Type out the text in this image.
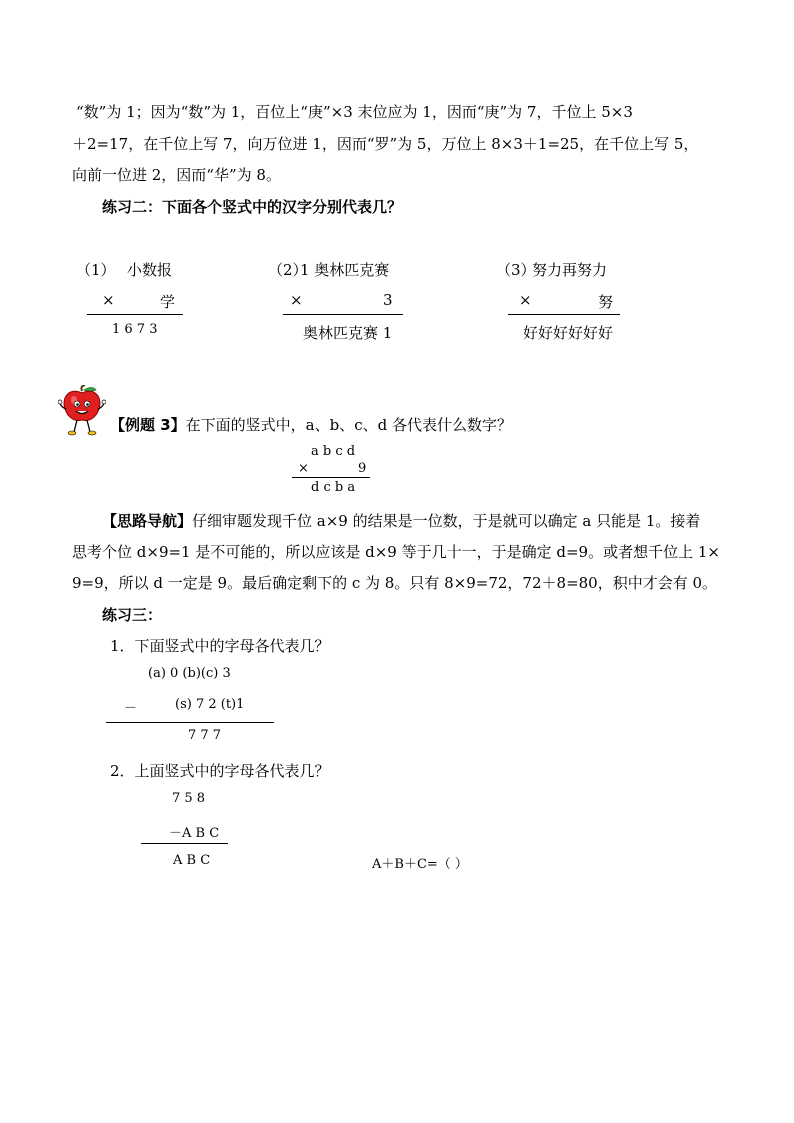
“数”为 1；因为“数”为 1，百位上“庚”×3 末位应为 1，因而“庚”为 7，千位上 5×3
＋2=17，在千位上写 7，向万位进 1，因而“罗”为 5，万位上 8×3＋1=25，在千位上写 5，
向前一位进 2，因而“华”为 8。
练习二：下面各个竖式中的汉字分别代表几？
（1） 小数报
×	学
1 6 7 3
（2）
1 奥林匹克赛
×	3
奥林匹克赛 1
（3）
努力再努力
×	努
好好好好好好
【例题 3】在下面的竖式中，a、b、c、d 各代表什么数字？
a b c d
×	9
d c b a
【思路导航】仔细审题发现千位 a×9 的结果是一位数，于是就可以确定 a 只能是 1。接着
思考个位 d×9=1 是不可能的，所以应该是 d×9 等于几十一，于是确定 d=9。或者想千位上 1×
9=9，所以 d 一定是 9。最后确定剩下的 c 为 8。只有 8×9=72，72＋8=80，积中才会有 0。
练习三：
1．下面竖式中的字母各代表几？
(a) 0 (b)(c) 3
－	(s) 7 2 (t)1
7 7 7
2．上面竖式中的字母各代表几？
7 5 8
－A B C
A B C	A＋B＋C=（ ）
